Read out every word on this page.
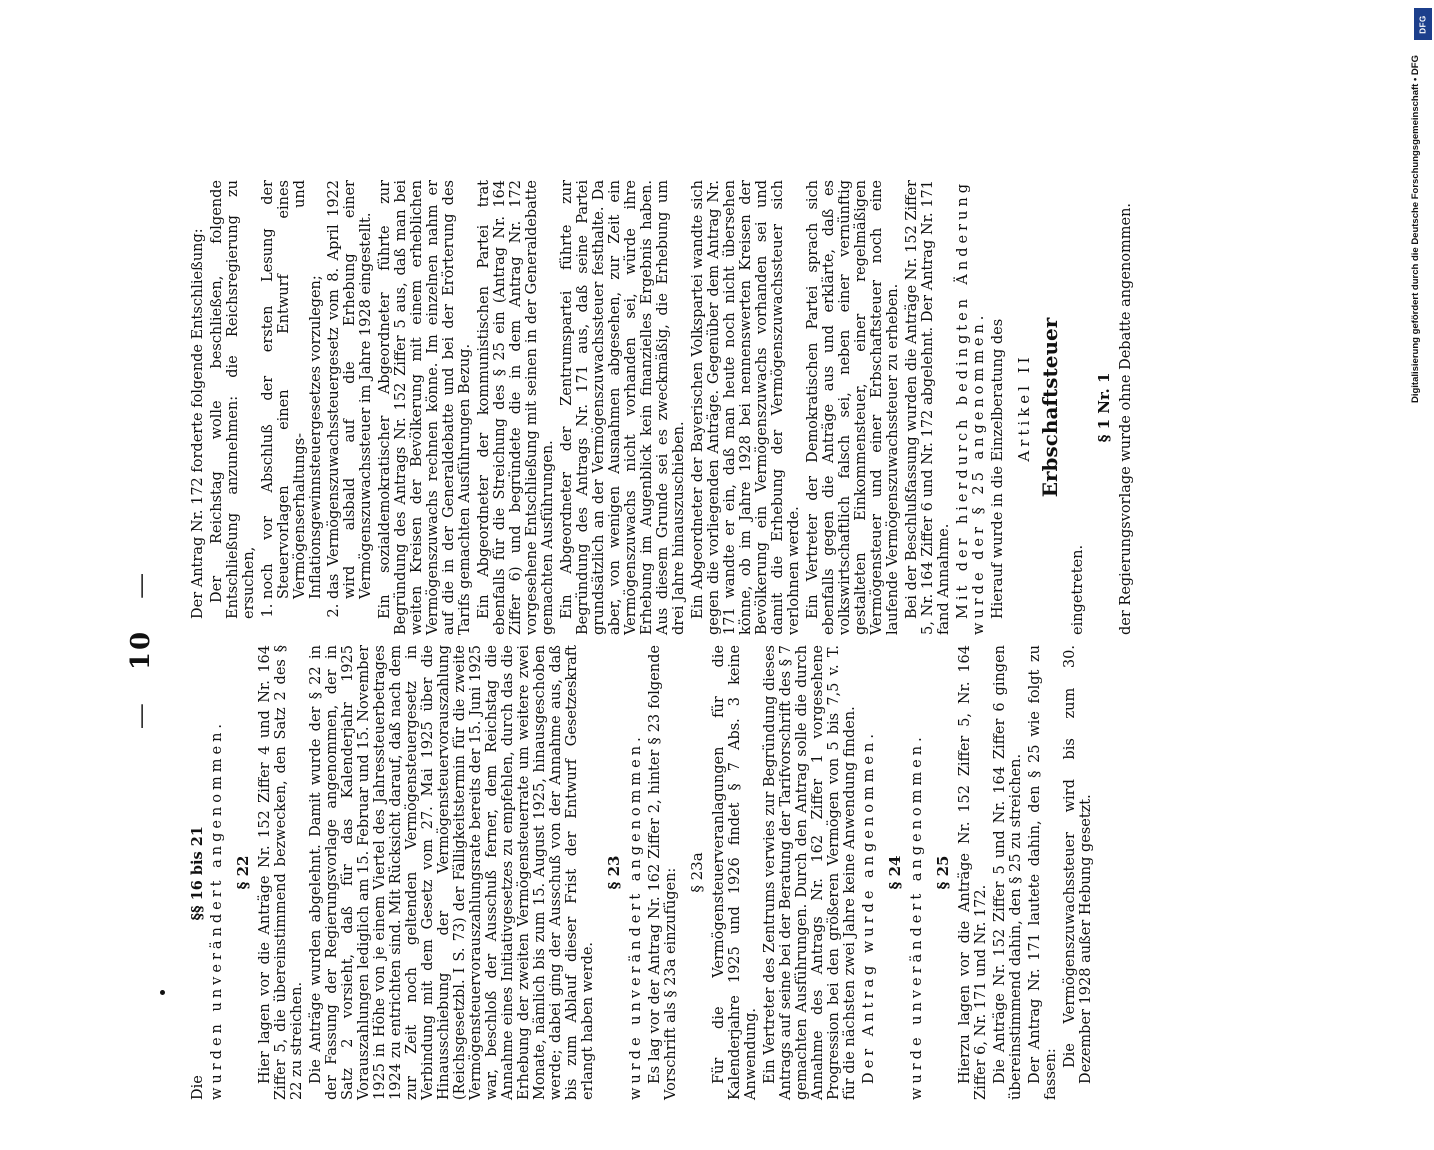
— 10 —

Die §§ 16 bis 21 wurden unverändert angenommen. § 22 Hier lagen vor die Anträge Nr. 152 Ziffer 4 und Nr. 164 Ziffer 5, die übereinstimmend bezwecken, den Satz 2 des § 22 zu streichen. Die Anträge wurden abgelehnt. Damit wurde der § 22 in der Fassung der Regierungsvorlage angenommen, der in Satz 2 vorsieht, daß für das Kalenderjahr 1925 Vorauszahlungen lediglich am 15. Februar und 15. November 1925 in Höhe von je einem Viertel des Jahressteuerbetrages 1924 zu entrichten sind. Mit Rücksicht darauf, daß nach dem zur Zeit noch geltenden Vermögensteuergesetz in Verbindung mit dem Gesetz vom 27. Mai 1925 über die Hinausschiebung der Vermögensteuervorauszahlung (Reichsgesetzbl. I S. 73) der Fälligkeitstermin für die zweite Vermögensteuervorauszahlungsrate bereits der 15. Juni 1925 war, beschloß der Ausschuß ferner, dem Reichstag die Annahme eines Initiativgesetzes zu empfehlen, durch das die Erhebung der zweiten Vermögensteuerrate um weitere zwei Monate, nämlich bis zum 15. August 1925, hinausgeschoben werde; dabei ging der Ausschuß von der Annahme aus, daß bis zum Ablauf dieser Frist der Entwurf Gesetzeskraft erlangt haben werde.

§ 23 wurde unverändert angenommen. Es lag vor der Antrag Nr. 162 Ziffer 2, hinter § 23 folgende Vorschrift als § 23a einzufügen: § 23a Für die Vermögensteuerveranlagungen für die Kalenderjahre 1925 und 1926 findet § 7 Abs. 3 keine Anwendung. Ein Vertreter des Zentrums verwies zur Begründung dieses Antrags auf seine bei der Beratung der Tarifvorschrift des § 7 gemachten Ausführungen. Durch den Antrag solle die durch Annahme des Antrags Nr. 162 Ziffer 1 vorgesehene Progression bei den größeren Vermögen von 5 bis 7,5 v. T. für die nächsten zwei Jahre keine Anwendung finden. Der Antrag wurde angenommen. § 24 wurde unverändert angenommen. § 25 Hierzu lagen vor die Anträge Nr. 152 Ziffer 5, Nr. 164 Ziffer 6, Nr. 171 und Nr. 172. Die Anträge Nr. 152 Ziffer 5 und Nr. 164 Ziffer 6 gingen übereinstimmend dahin, den § 25 zu streichen. Der Antrag Nr. 171 lautete dahin, den § 25 wie folgt zu fassen:

Die Vermögenszuwachssteuer wird bis zum 30. Dezember 1928 außer Hebung gesetzt.

Der Antrag Nr. 172 forderte folgende Entschließung: Der Reichstag wolle beschließen, folgende Entschließung anzunehmen: die Reichsregierung zu ersuchen, 1. noch vor Abschluß der ersten Lesung der Steuervorlagen einen Entwurf eines Vermögenserhaltungs- und Inflationsgewinnsteuergesetzes vorzulegen; 2. das Vermögenszuwachssteuergesetz vom 8. April 1922 wird alsbald auf die Erhebung einer Vermögenszuwachssteuer im Jahre 1928 eingestellt. Ein sozialdemokratischer Abgeordneter führte zur Begründung des Antrags Nr. 152 Ziffer 5 aus, daß man bei weiten Kreisen der Bevölkerung mit einem erheblichen Vermögenszuwachs rechnen könne. Im einzelnen nahm er auf die in der Generaldebatte und bei der Erörterung des Tarifs gemachten Ausführungen Bezug. Ein Abgeordneter der kommunistischen Partei trat ebenfalls für die Streichung des § 25 ein (Antrag Nr. 164 Ziffer 6) und begründete die in dem Antrag Nr. 172 vorgesehene Entschließung mit seinen in der Generaldebatte gemachten Ausführungen. Ein Abgeordneter der Zentrumspartei führte zur Begründung des Antrags Nr. 171 aus, daß seine Partei grundsätzlich an der Vermögenszuwachssteuer festhalte. Da aber, von wenigen Ausnahmen abgesehen, zur Zeit ein Vermögenszuwachs nicht vorhanden sei, würde ihre Erhebung im Augenblick kein finanzielles Ergebnis haben. Aus diesem Grunde sei es zweckmäßig, die Erhebung um drei Jahre hinauszuschieben. Ein Abgeordneter der Bayerischen Volkspartei wandte sich gegen die vorliegenden Anträge. Gegenüber dem Antrag Nr. 171 wandte er ein, daß man heute noch nicht übersehen könne, ob im Jahre 1928 bei nennenswerten Kreisen der Bevölkerung ein Vermögenszuwachs vorhanden sei und damit die Erhebung der Vermögenszuwachssteuer sich verlohnen werde. Ein Vertreter der Demokratischen Partei sprach sich ebenfalls gegen die Anträge aus und erklärte, daß es volkswirtschaftlich falsch sei, neben einer vernünftig gestalteten Einkommensteuer, einer regelmäßigen Vermögensteuer und einer Erbschaftsteuer noch eine laufende Vermögenszuwachssteuer zu erheben. Bei der Beschlußfassung wurden die Anträge Nr. 152 Ziffer 5, Nr. 164 Ziffer 6 und Nr. 172 abgelehnt. Der Antrag Nr. 171 fand Annahme. Mit der hierdurch bedingten Änderung wurde der § 25 angenommen. Hierauf wurde in die Einzelberatung des Artikel II Erbschaftsteuer

eingetreten.

§ 1 Nr. 1 der Regierungsvorlage wurde ohne Debatte angenommen.	Digitalisierung gefördert durch die Deutsche Forschungsgemeinschaft • DFG
DFG
